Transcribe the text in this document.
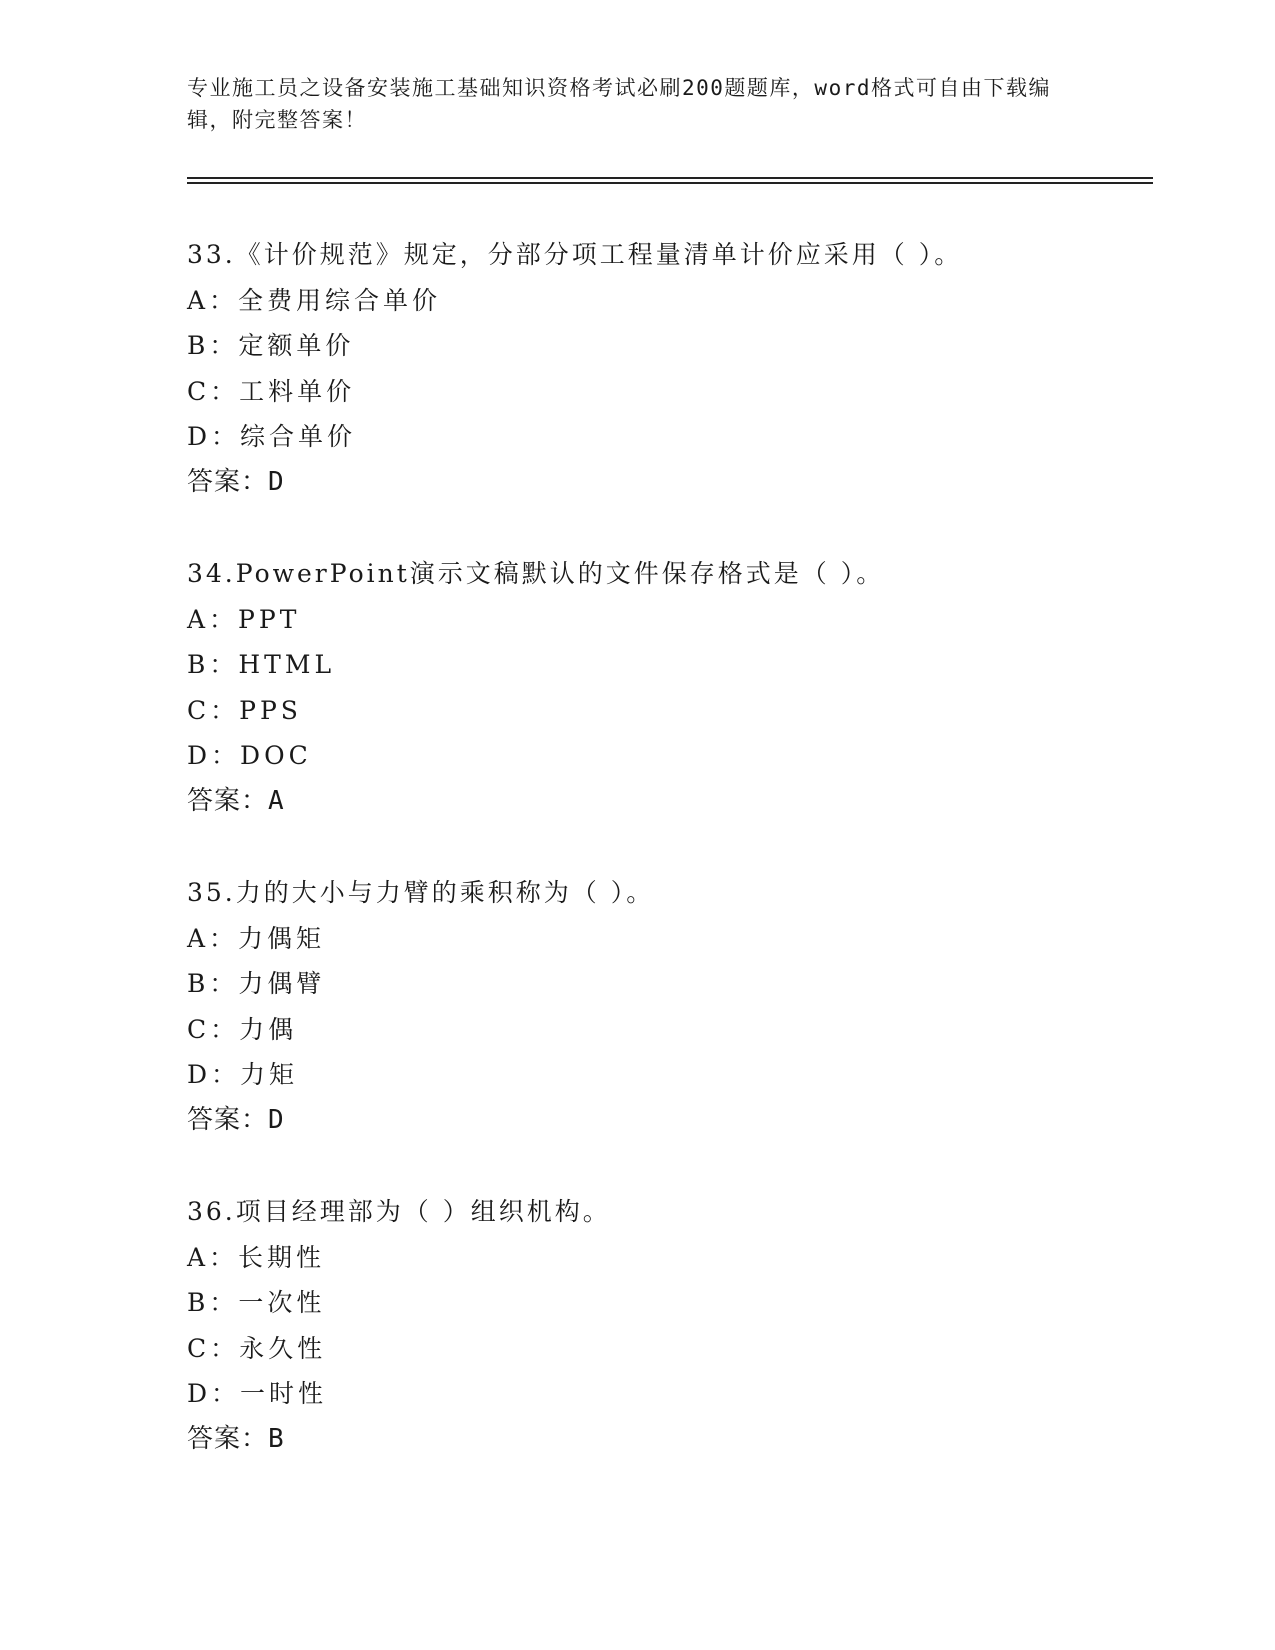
专业施工员之设备安装施工基础知识资格考试必刷200题题库，word格式可自由下载编辑，附完整答案！
33.《计价规范》规定，分部分项工程量清单计价应采用（ ）。
A：全费用综合单价
B：定额单价
C：工料单价
D：综合单价
答案：D
34.PowerPoint演示文稿默认的文件保存格式是（ ）。
A：PPT
B：HTML
C：PPS
D：DOC
答案：A
35.力的大小与力臂的乘积称为（ ）。
A：力偶矩
B：力偶臂
C：力偶
D：力矩
答案：D
36.项目经理部为（ ）组织机构。
A：长期性
B：一次性
C：永久性
D：一时性
答案：B
